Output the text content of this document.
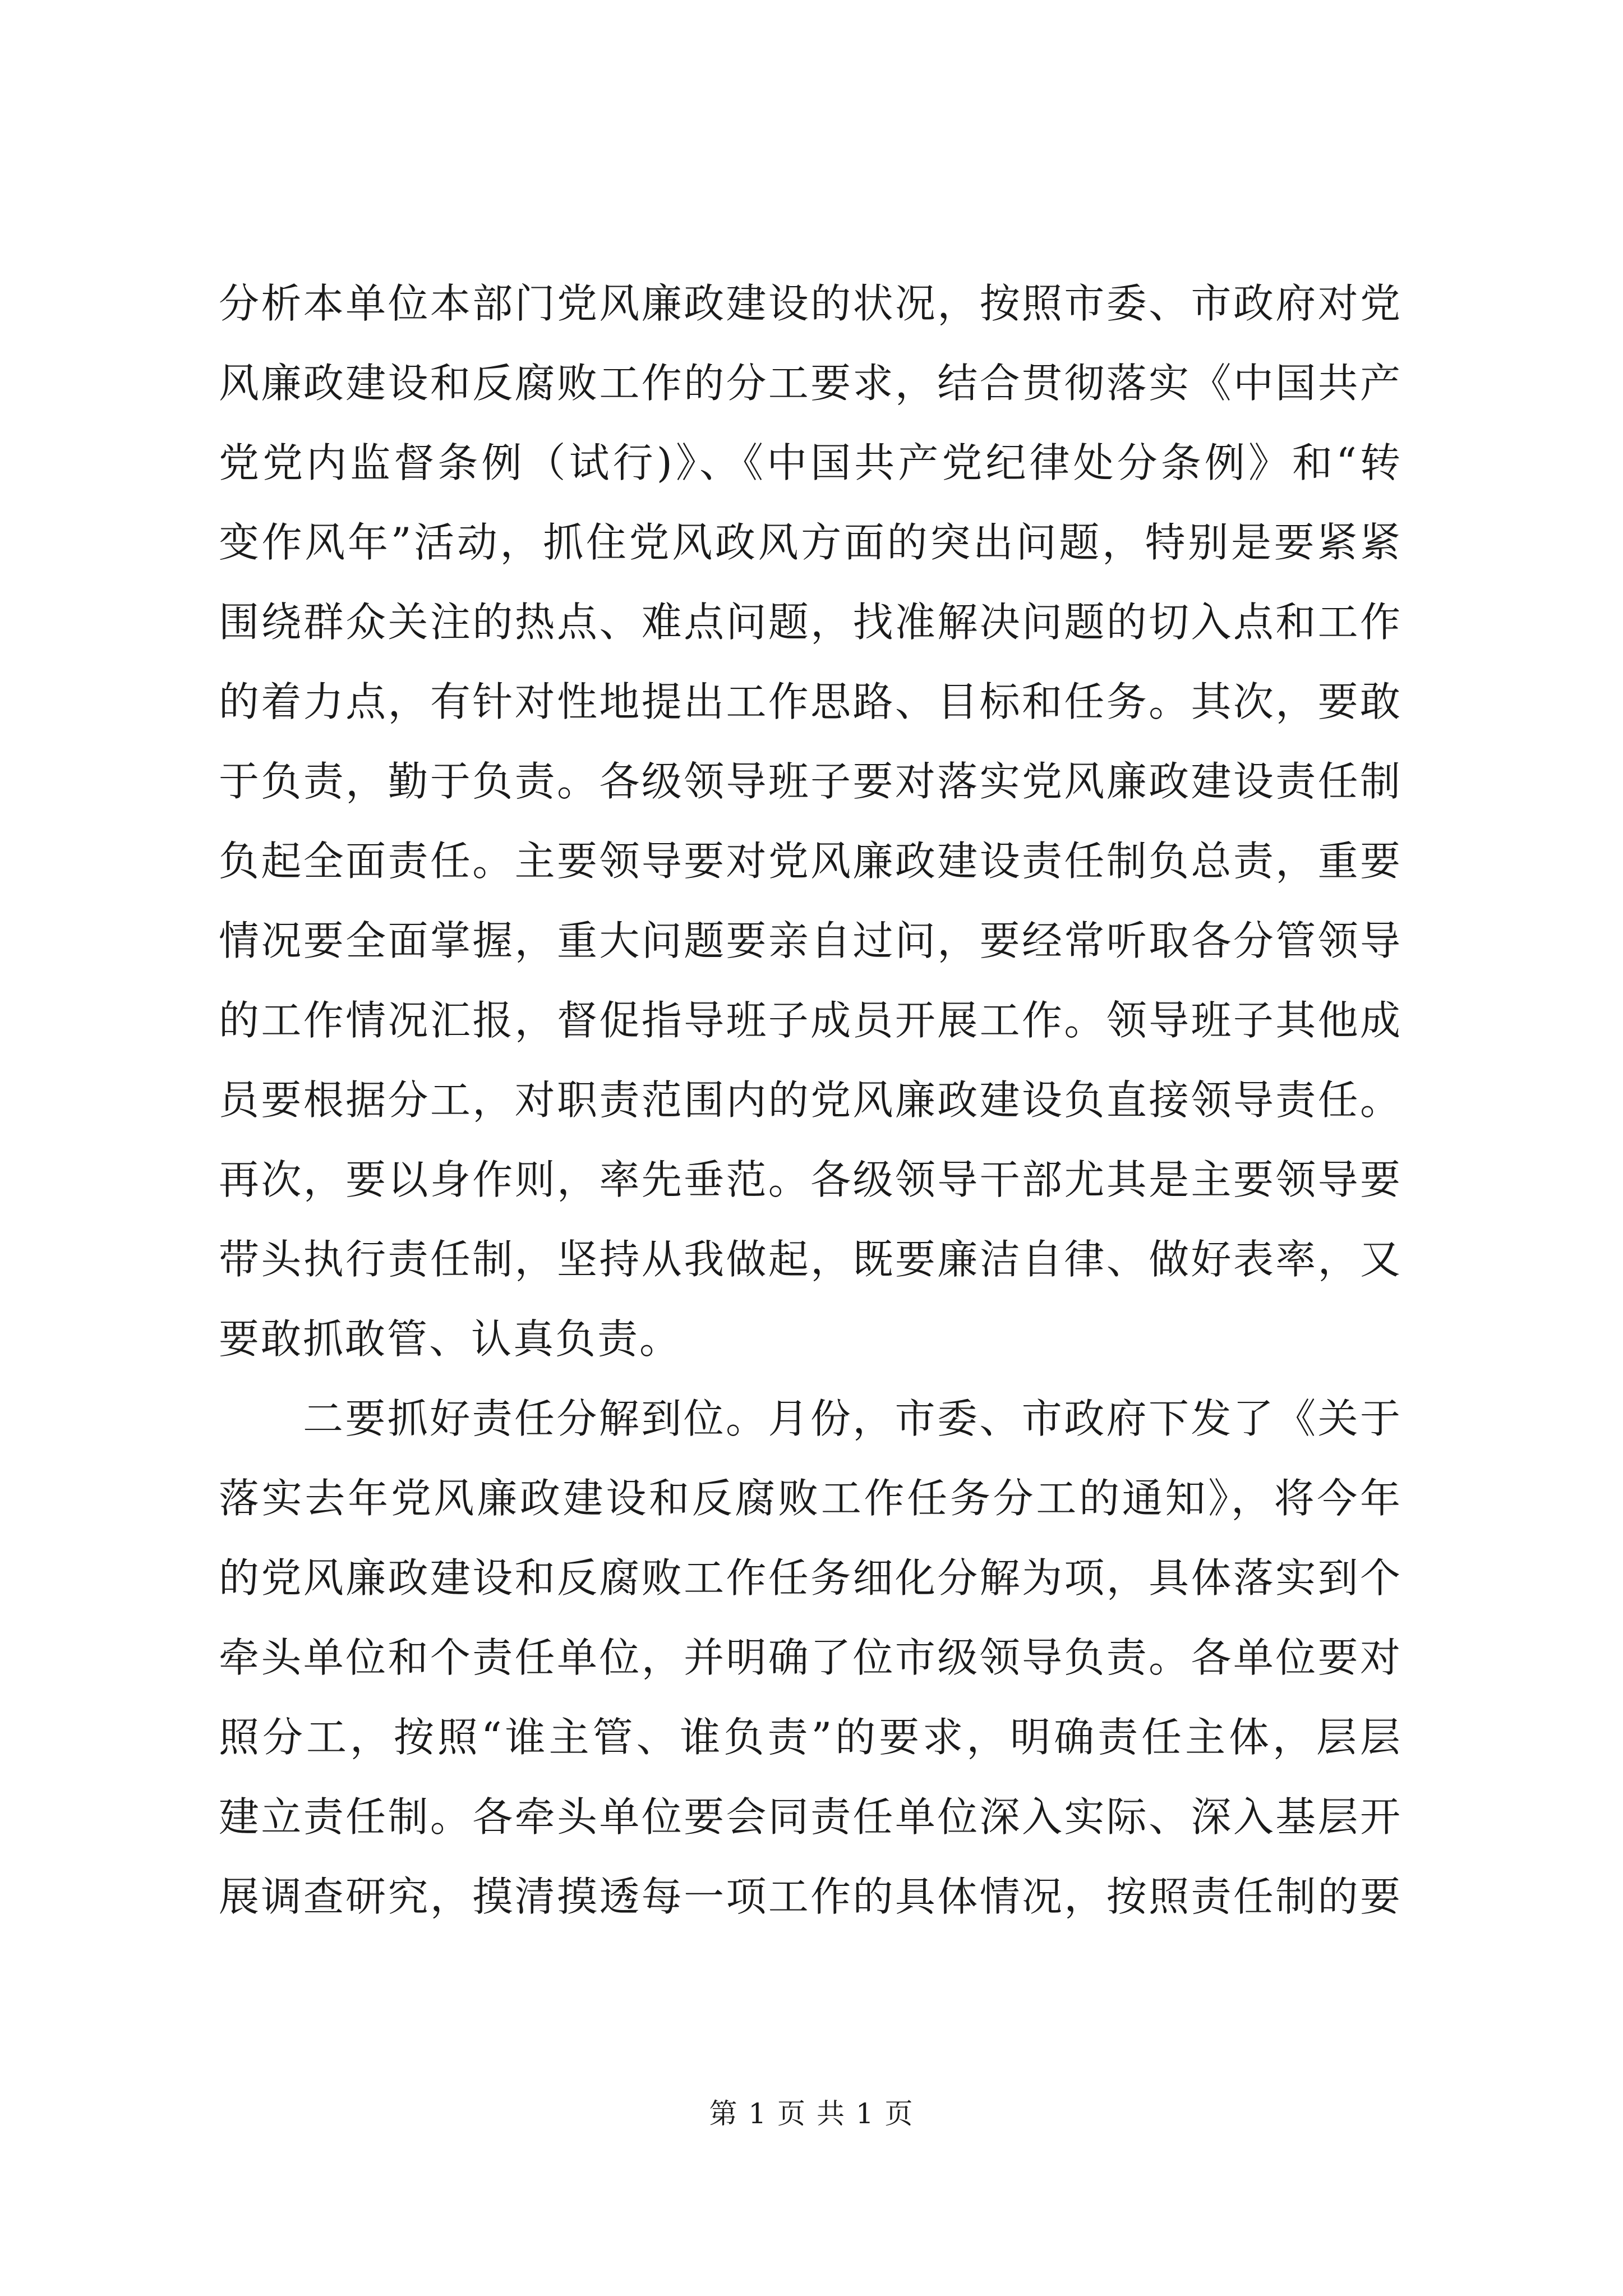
分析本单位本部门党风廉政建设的状况，按照市委、市政府对党
风廉政建设和反腐败工作的分工要求，结合贯彻落实《中国共产
党党内监督条例（试行)》、《中国共产党纪律处分条例》和“转
变作风年”活动，抓住党风政风方面的突出问题，特别是要紧紧
围绕群众关注的热点、难点问题，找准解决问题的切入点和工作
的着力点，有针对性地提出工作思路、目标和任务。其次，要敢
于负责，勤于负责。各级领导班子要对落实党风廉政建设责任制
负起全面责任。主要领导要对党风廉政建设责任制负总责，重要
情况要全面掌握，重大问题要亲自过问，要经常听取各分管领导
的工作情况汇报，督促指导班子成员开展工作。领导班子其他成
员要根据分工，对职责范围内的党风廉政建设负直接领导责任。
再次，要以身作则，率先垂范。各级领导干部尤其是主要领导要
带头执行责任制，坚持从我做起，既要廉洁自律、做好表率，又
要敢抓敢管、认真负责。
二要抓好责任分解到位。月份，市委、市政府下发了《关于
落实去年党风廉政建设和反腐败工作任务分工的通知》，将今年
的党风廉政建设和反腐败工作任务细化分解为项，具体落实到个
牵头单位和个责任单位，并明确了位市级领导负责。各单位要对
照分工，按照“谁主管、谁负责”的要求，明确责任主体，层层
建立责任制。各牵头单位要会同责任单位深入实际、深入基层开
展调查研究，摸清摸透每一项工作的具体情况，按照责任制的要
第 1 页 共 1 页
